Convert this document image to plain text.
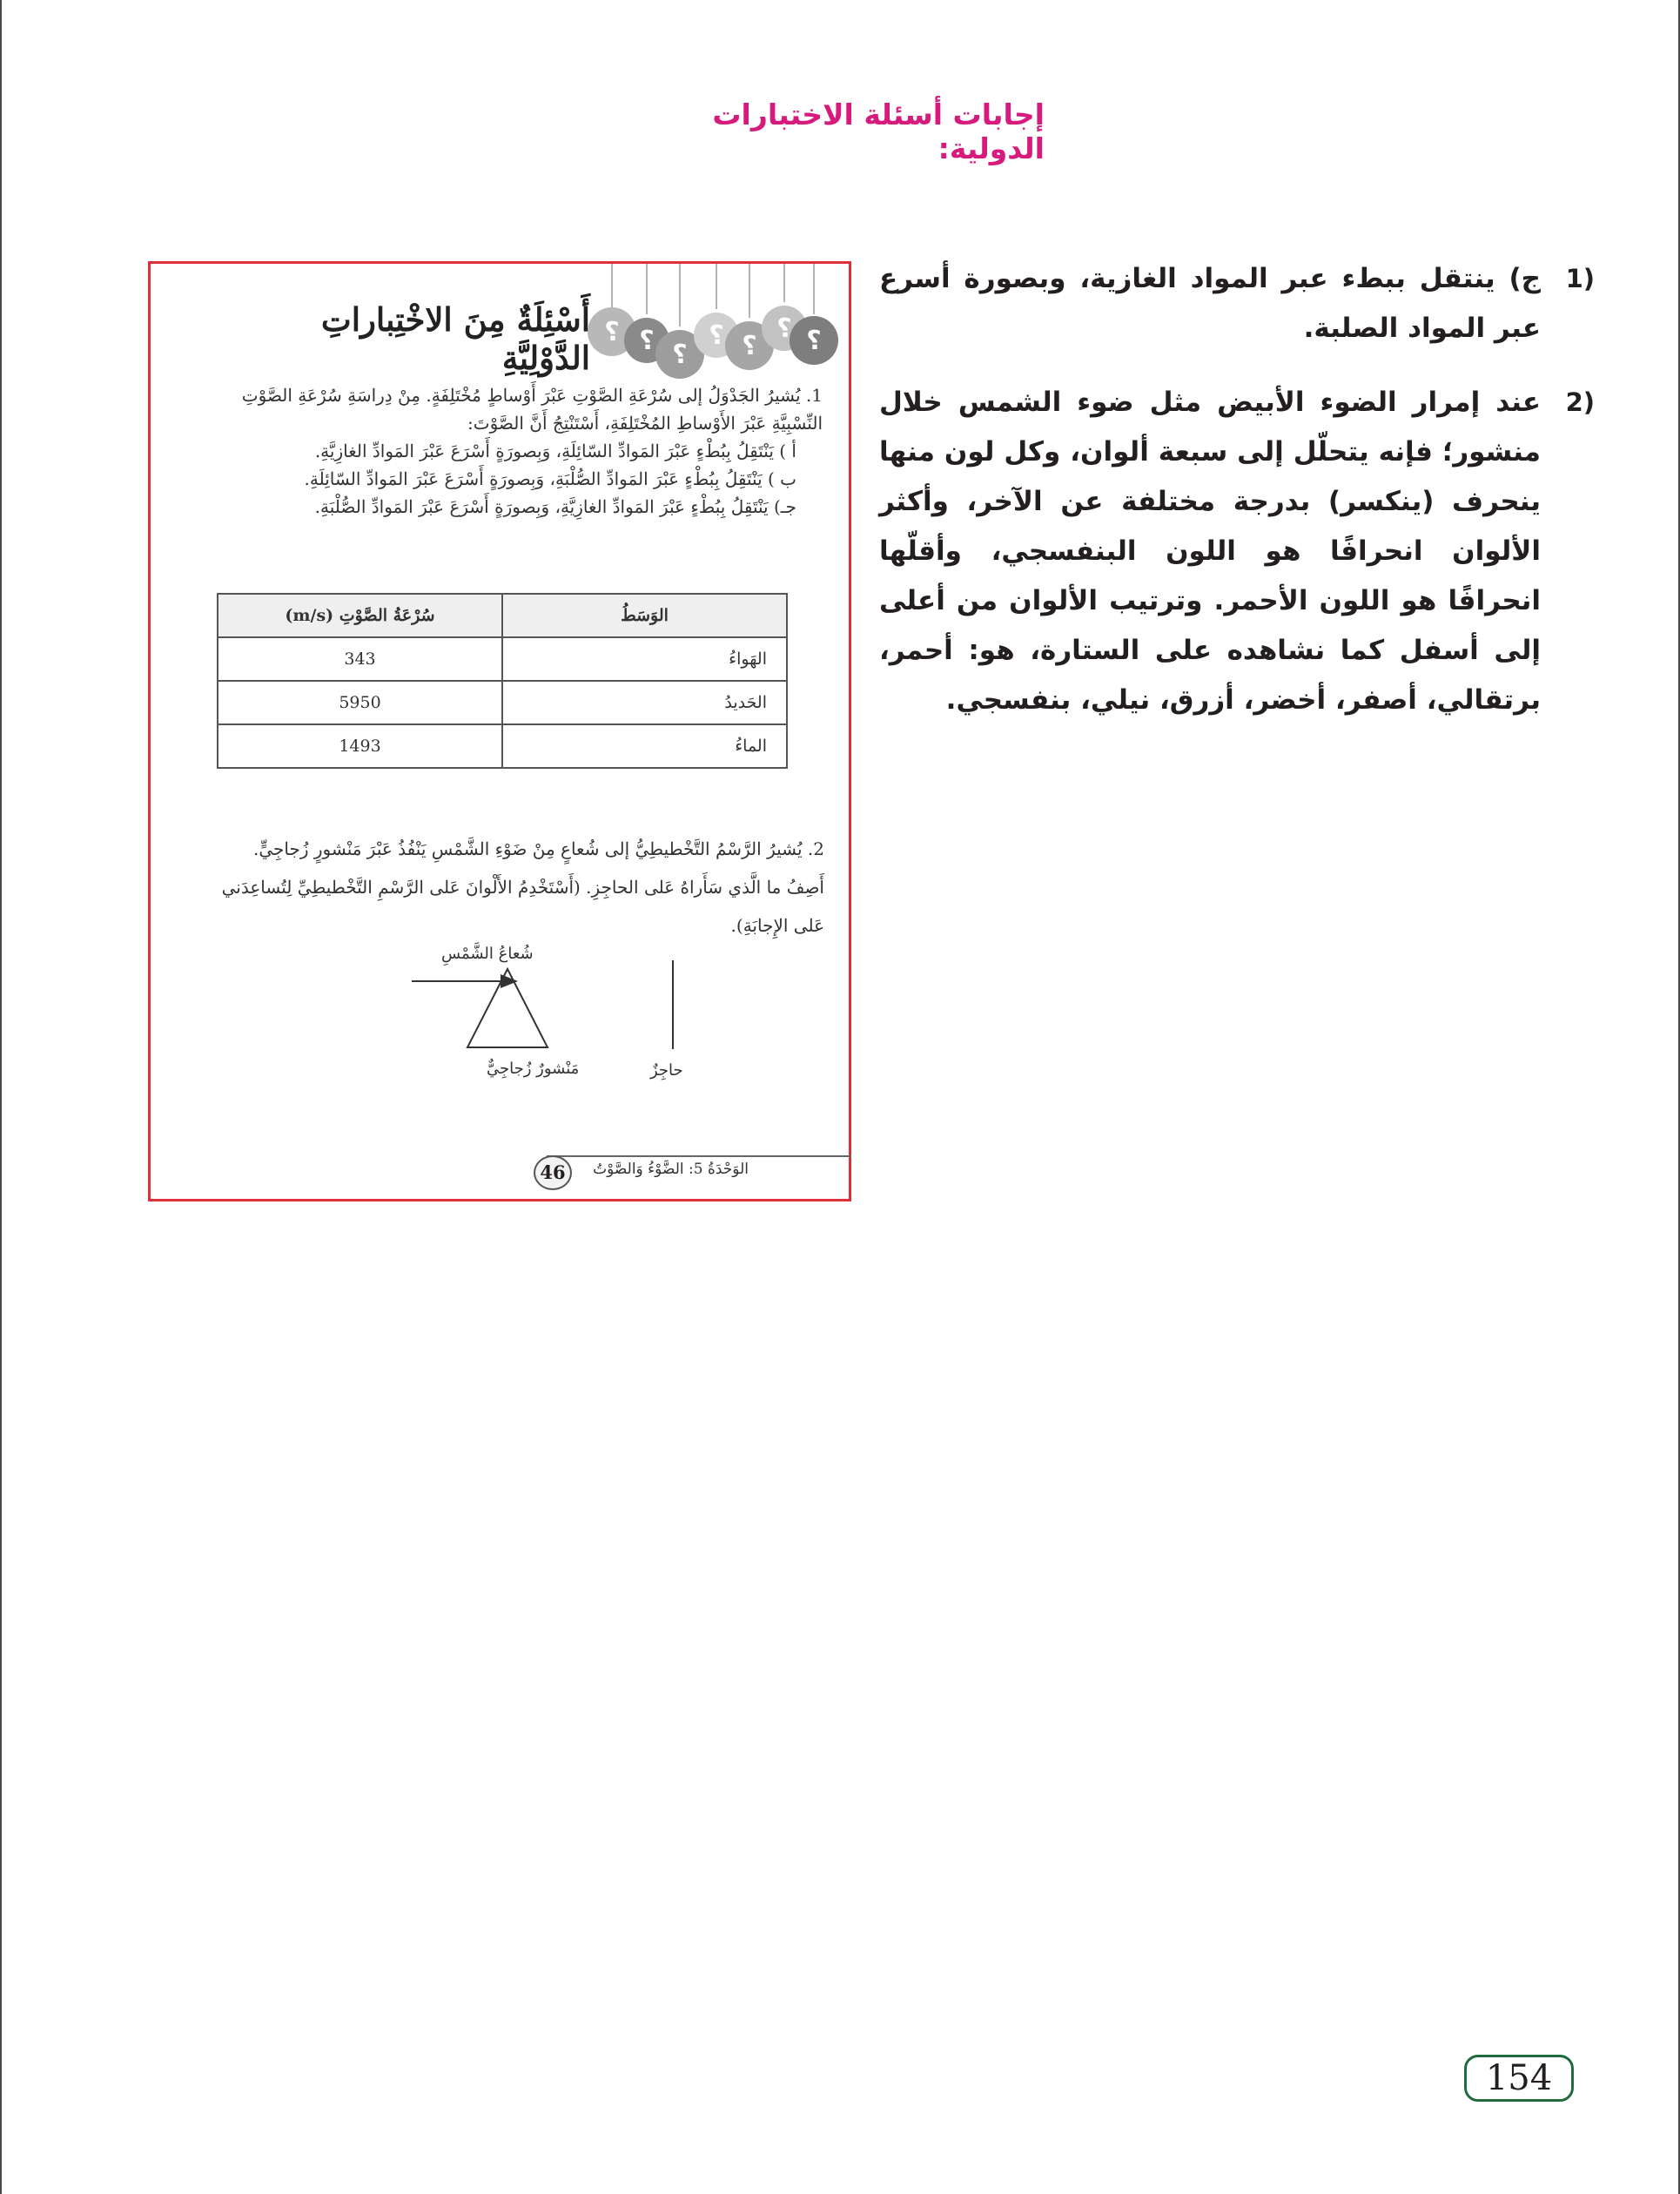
إجابات أسئلة الاختبارات الدولية:
1)
ج) ينتقل ببطء عبر المواد الغازية، وبصورة أسرع عبر المواد الصلبة.
2)
عند إمرار الضوء الأبيض مثل ضوء الشمس خلال منشور؛ فإنه يتحلّل إلى سبعة ألوان، وكل لون منها ينحرف (ينكسر) بدرجة مختلفة عن الآخر، وأكثر الألوان انحرافًا هو اللون البنفسجي، وأقلّها انحرافًا هو اللون الأحمر. وترتيب الألوان من أعلى إلى أسفل كما نشاهده على الستارة، هو: أحمر، برتقالي، أصفر، أخضر، أزرق، نيلي، بنفسجي.
؟ ؟ ؟
؟ ؟
؟ ؟
أَسْئِلَةٌ مِنَ الاخْتِباراتِ الدَّوْلِيَّةِ
1. يُشيرُ الجَدْوَلُ إلى سُرْعَةِ الصَّوْتِ عَبْرَ أَوْساطٍ مُخْتَلِفَةٍ. مِنْ دِراسَةِ سُرْعَةِ الصَّوْتِ النِّسْبِيَّةِ عَبْرَ الأَوْساطِ المُخْتَلِفَةِ، أَسْتَنْتِجُ أَنَّ الصَّوْتَ:
أ ) يَنْتَقِلُ بِبُطْءٍ عَبْرَ المَوادِّ السّائِلَةِ، وَبِصورَةٍ أَسْرَعَ عَبْرَ المَوادِّ الغازِيَّةِ.
ب ) يَنْتَقِلُ بِبُطْءٍ عَبْرَ المَوادِّ الصُّلْبَةِ، وَبِصورَةٍ أَسْرَعَ عَبْرَ المَوادِّ السّائِلَةِ.
جـ) يَنْتَقِلُ بِبُطْءٍ عَبْرَ المَوادِّ الغازِيَّةِ، وَبِصورَةٍ أَسْرَعَ عَبْرَ المَوادِّ الصُّلْبَةِ.
الوَسَطُ	سُرْعَةُ الصَّوْتِ (m/s)
الهَواءُ	343
الحَديدُ	5950
الماءُ	1493
2. يُشيرُ الرَّسْمُ التَّخْطيطِيُّ إلى شُعاعٍ مِنْ ضَوْءِ الشَّمْسِ يَنْفُذُ عَبْرَ مَنْشورٍ زُجاجِيٍّ. أَصِفُ ما الَّذي سَأَراهُ عَلى الحاجِزِ. (أَسْتَخْدِمُ الأَلْوانَ عَلى الرَّسْمِ التَّخْطيطِيِّ لِتُساعِدَني عَلى الإِجابَةِ).
شُعاعُ الشَّمْسِ
مَنْشورٌ زُجاجِيٌّ	حاجِزٌ
46	الوَحْدَةُ 5: الضَّوْءُ وَالصَّوْتُ
154
